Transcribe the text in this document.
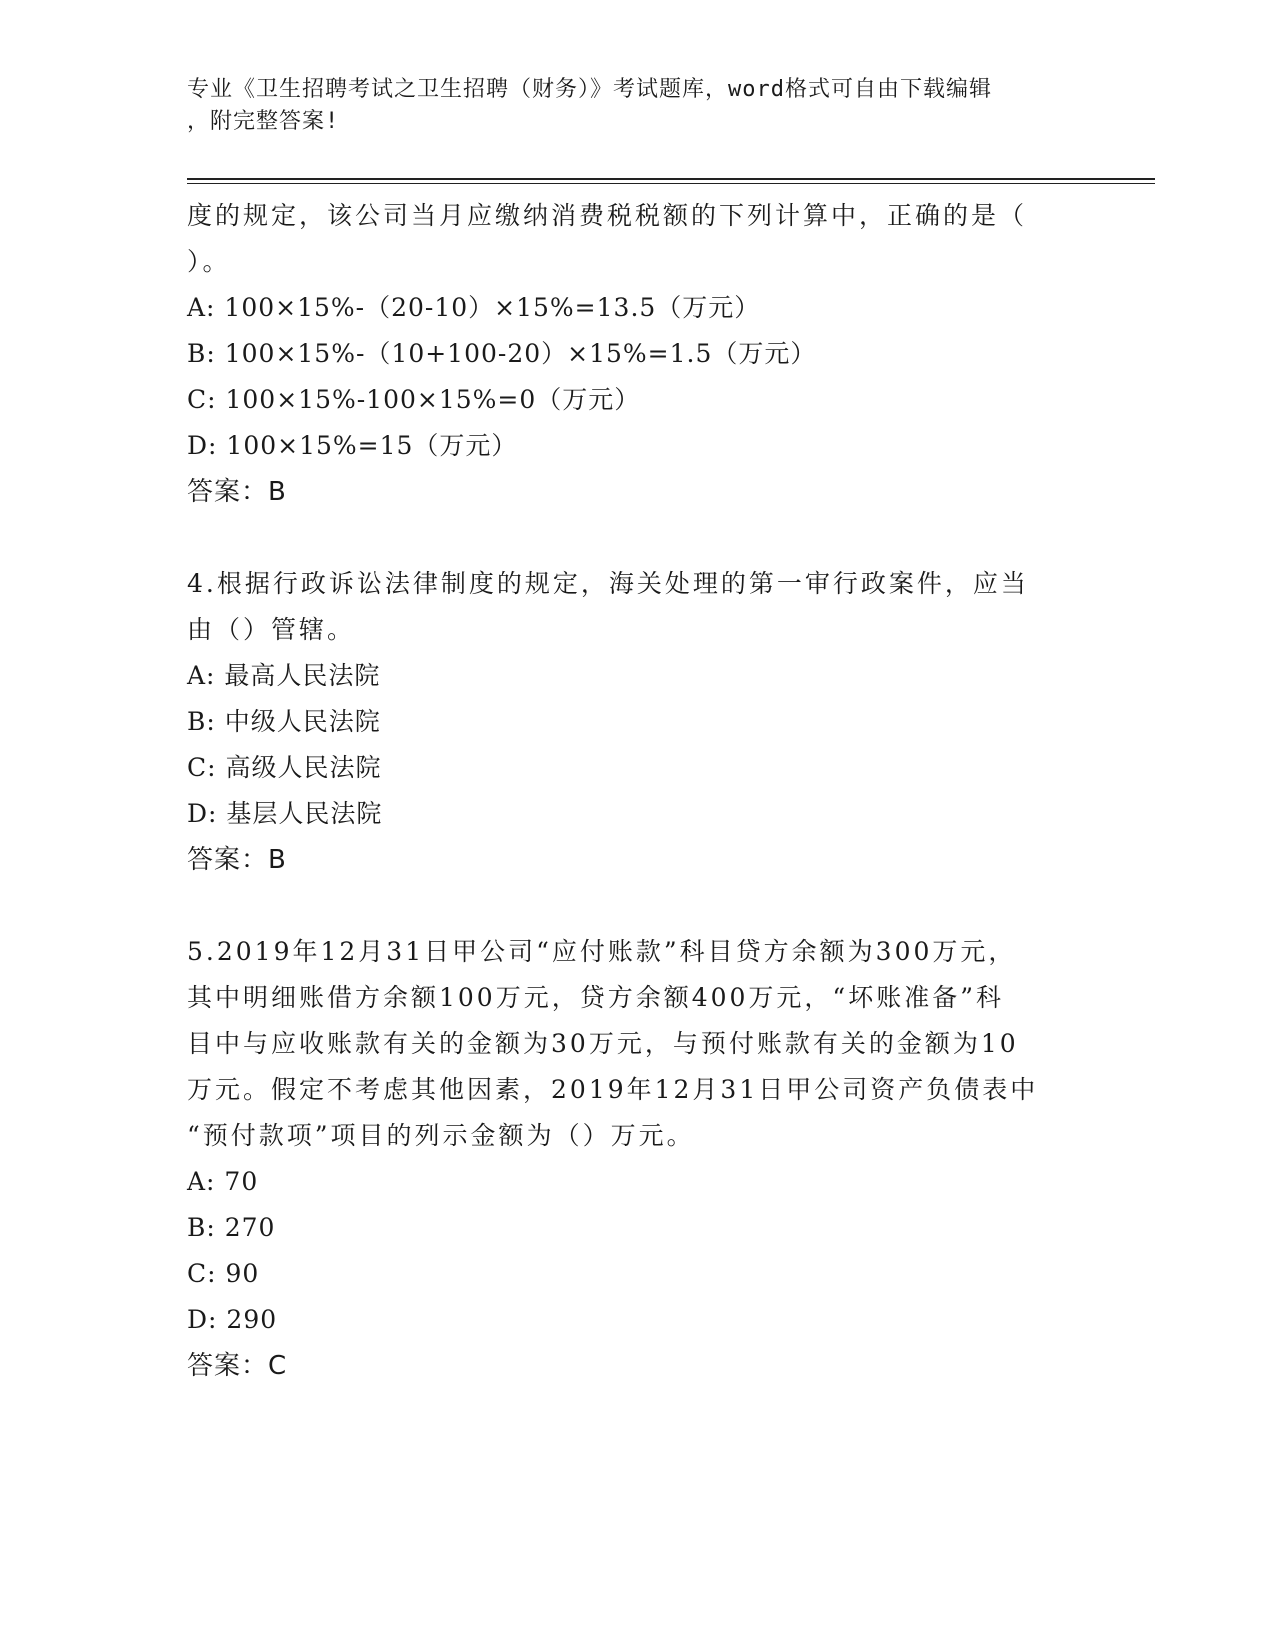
专业《卫生招聘考试之卫生招聘（财务）》考试题库，word格式可自由下载编辑
，附完整答案!
度的规定，该公司当月应缴纳消费税税额的下列计算中，正确的是（
）。
A: 100×15%-（20-10）×15%=13.5（万元）
B: 100×15%-（10+100-20）×15%=1.5（万元）
C: 100×15%-100×15%=0（万元）
D: 100×15%=15（万元）
答案：B
4.根据行政诉讼法律制度的规定，海关处理的第一审行政案件，应当
由（）管辖。
A: 最高人民法院
B: 中级人民法院
C: 高级人民法院
D: 基层人民法院
答案：B
5.2019年12月31日甲公司“应付账款”科目贷方余额为300万元，
其中明细账借方余额100万元，贷方余额400万元，“坏账准备”科
目中与应收账款有关的金额为30万元，与预付账款有关的金额为10
万元。假定不考虑其他因素，2019年12月31日甲公司资产负债表中
“预付款项”项目的列示金额为（）万元。
A: 70
B: 270
C: 90
D: 290
答案：C
